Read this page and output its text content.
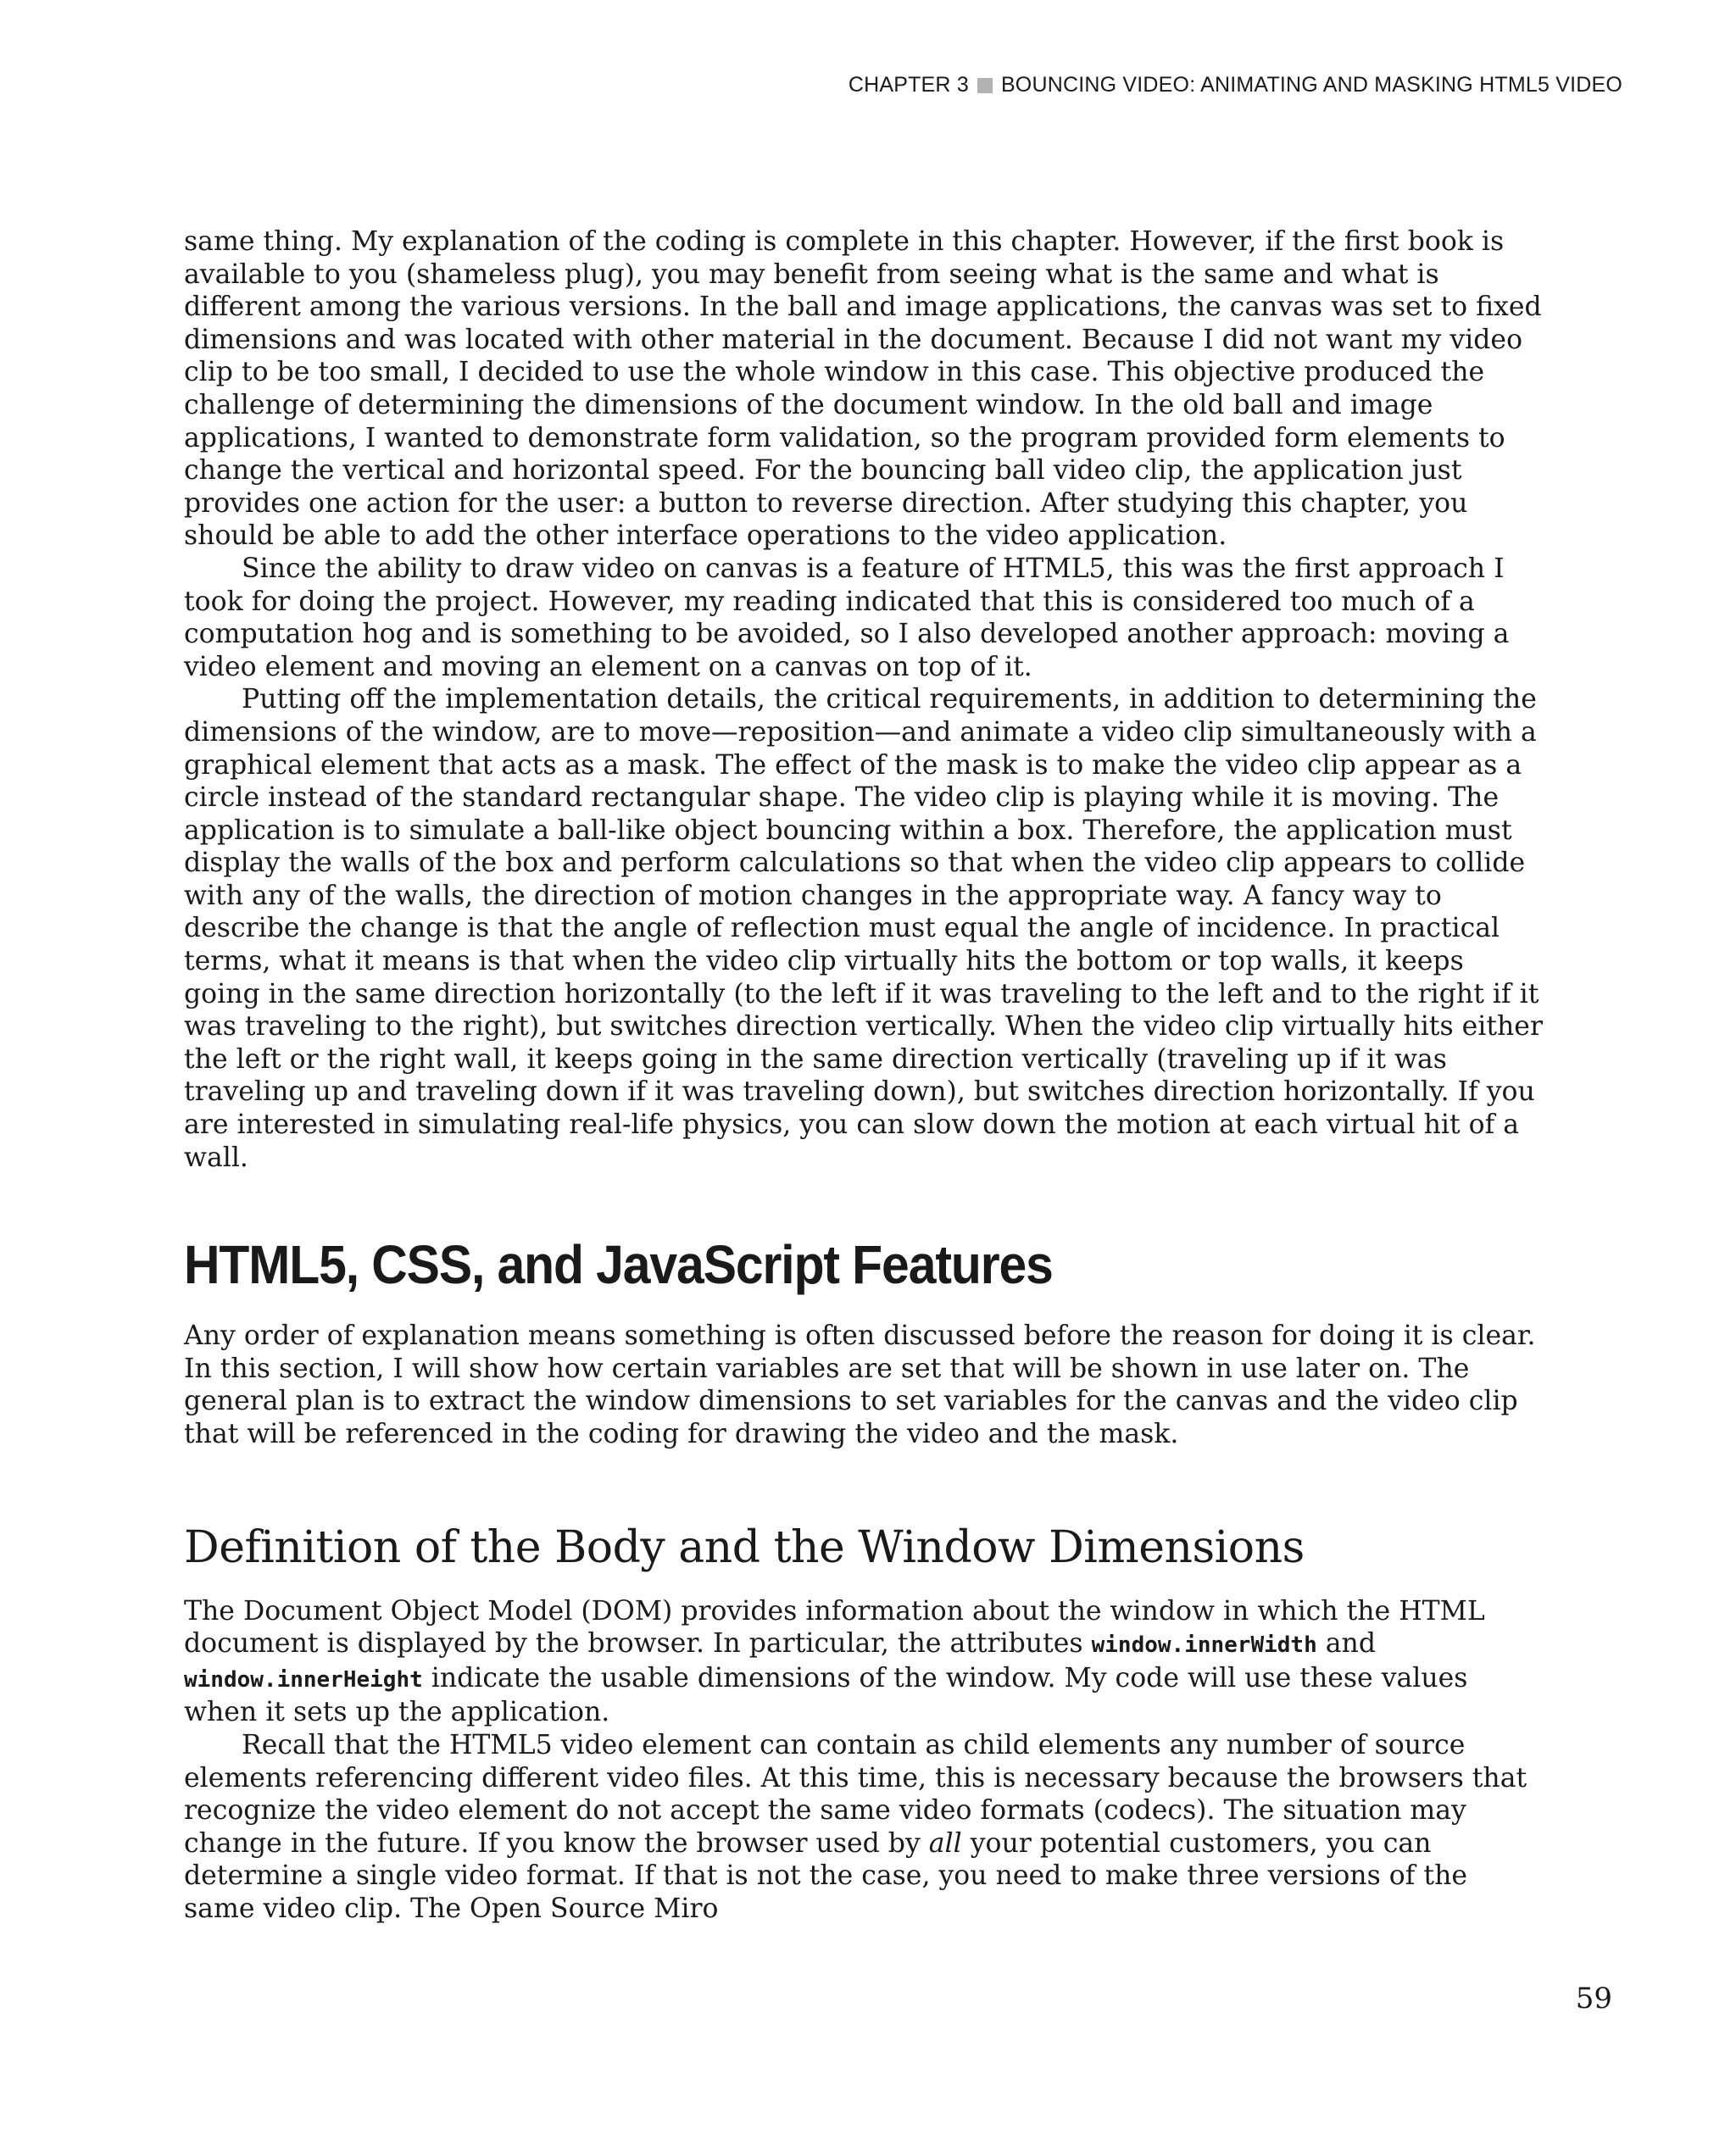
CHAPTER 3 BOUNCING VIDEO: ANIMATING AND MASKING HTML5 VIDEO

same thing. My explanation of the coding is complete in this chapter. However, if the first book is available to you (shameless plug), you may benefit from seeing what is the same and what is different among the various versions. In the ball and image applications, the canvas was set to fixed dimensions and was located with other material in the document. Because I did not want my video clip to be too small, I decided to use the whole window in this case. This objective produced the challenge of determining the dimensions of the document window. In the old ball and image applications, I wanted to demonstrate form validation, so the program provided form elements to change the vertical and horizontal speed. For the bouncing ball video clip, the application just provides one action for the user: a button to reverse direction. After studying this chapter, you should be able to add the other interface operations to the video application.

Since the ability to draw video on canvas is a feature of HTML5, this was the first approach I took for doing the project. However, my reading indicated that this is considered too much of a computation hog and is something to be avoided, so I also developed another approach: moving a video element and moving an element on a canvas on top of it.

Putting off the implementation details, the critical requirements, in addition to determining the dimensions of the window, are to move—reposition—and animate a video clip simultaneously with a graphical element that acts as a mask. The effect of the mask is to make the video clip appear as a circle instead of the standard rectangular shape. The video clip is playing while it is moving. The application is to simulate a ball-like object bouncing within a box. Therefore, the application must display the walls of the box and perform calculations so that when the video clip appears to collide with any of the walls, the direction of motion changes in the appropriate way. A fancy way to describe the change is that the angle of reflection must equal the angle of incidence. In practical terms, what it means is that when the video clip virtually hits the bottom or top walls, it keeps going in the same direction horizontally (to the left if it was traveling to the left and to the right if it was traveling to the right), but switches direction vertically. When the video clip virtually hits either the left or the right wall, it keeps going in the same direction vertically (traveling up if it was traveling up and traveling down if it was traveling down), but switches direction horizontally. If you are interested in simulating real-life physics, you can slow down the motion at each virtual hit of a wall.

HTML5, CSS, and JavaScript Features

Any order of explanation means something is often discussed before the reason for doing it is clear. In this section, I will show how certain variables are set that will be shown in use later on. The general plan is to extract the window dimensions to set variables for the canvas and the video clip that will be referenced in the coding for drawing the video and the mask.

Definition of the Body and the Window Dimensions

The Document Object Model (DOM) provides information about the window in which the HTML document is displayed by the browser. In particular, the attributes window.innerWidth and window.innerHeight indicate the usable dimensions of the window. My code will use these values when it sets up the application.

Recall that the HTML5 video element can contain as child elements any number of source elements referencing different video files. At this time, this is necessary because the browsers that recognize the video element do not accept the same video formats (codecs). The situation may change in the future. If you know the browser used by all your potential customers, you can determine a single video format. If that is not the case, you need to make three versions of the same video clip. The Open Source Miro

59
